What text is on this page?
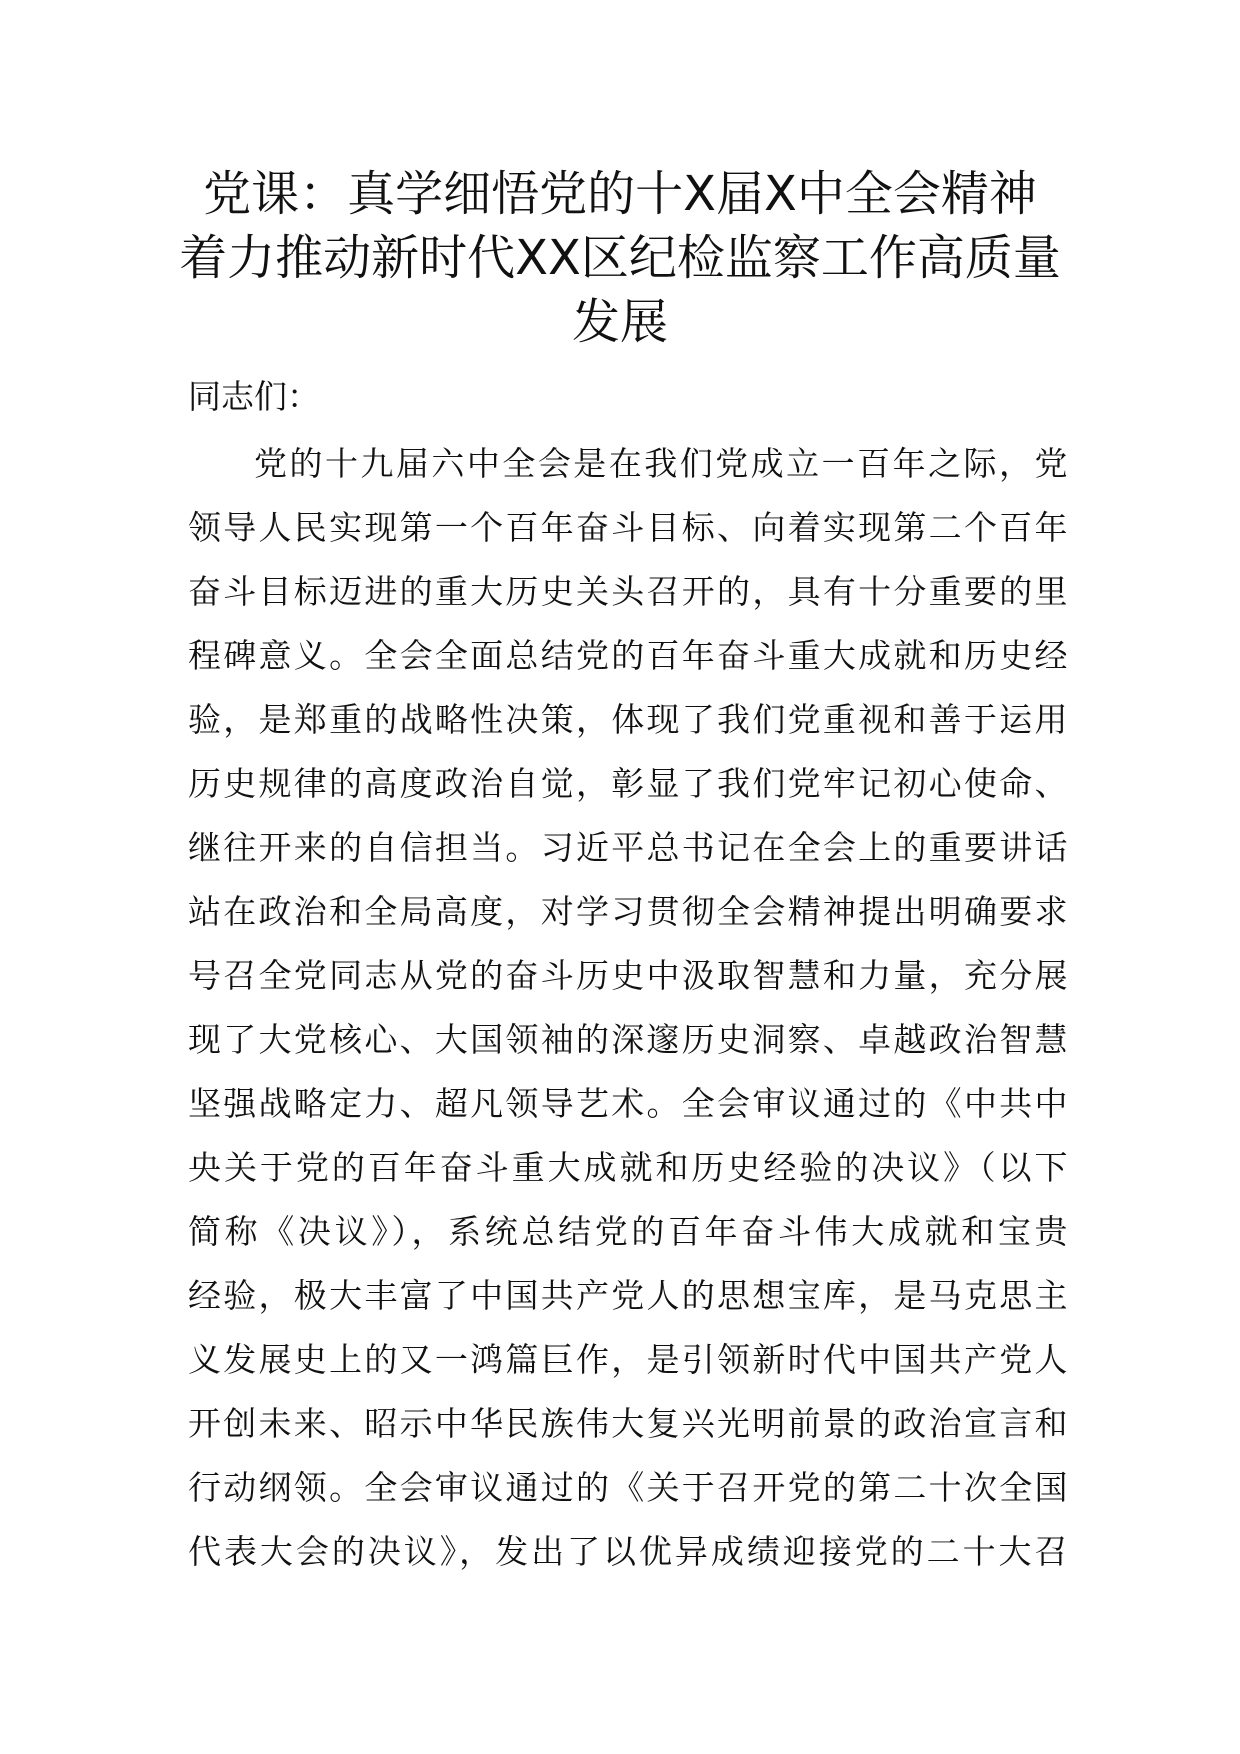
党课：真学细悟党的十X届X中全会精神
着力推动新时代XX区纪检监察工作高质量
发展

同志们：

党的十九届六中全会是在我们党成立一百年之际，党
领导人民实现第一个百年奋斗目标、向着实现第二个百年
奋斗目标迈进的重大历史关头召开的，具有十分重要的里
程碑意义。全会全面总结党的百年奋斗重大成就和历史经
验，是郑重的战略性决策，体现了我们党重视和善于运用
历史规律的高度政治自觉，彰显了我们党牢记初心使命、
继往开来的自信担当。习近平总书记在全会上的重要讲话
站在政治和全局高度，对学习贯彻全会精神提出明确要求
号召全党同志从党的奋斗历史中汲取智慧和力量，充分展
现了大党核心、大国领袖的深邃历史洞察、卓越政治智慧
坚强战略定力、超凡领导艺术。全会审议通过的《中共中
央关于党的百年奋斗重大成就和历史经验的决议》（以下
简称《决议》），系统总结党的百年奋斗伟大成就和宝贵
经验，极大丰富了中国共产党人的思想宝库，是马克思主
义发展史上的又一鸿篇巨作，是引领新时代中国共产党人
开创未来、昭示中华民族伟大复兴光明前景的政治宣言和
行动纲领。全会审议通过的《关于召开党的第二十次全国
代表大会的决议》，发出了以优异成绩迎接党的二十大召
